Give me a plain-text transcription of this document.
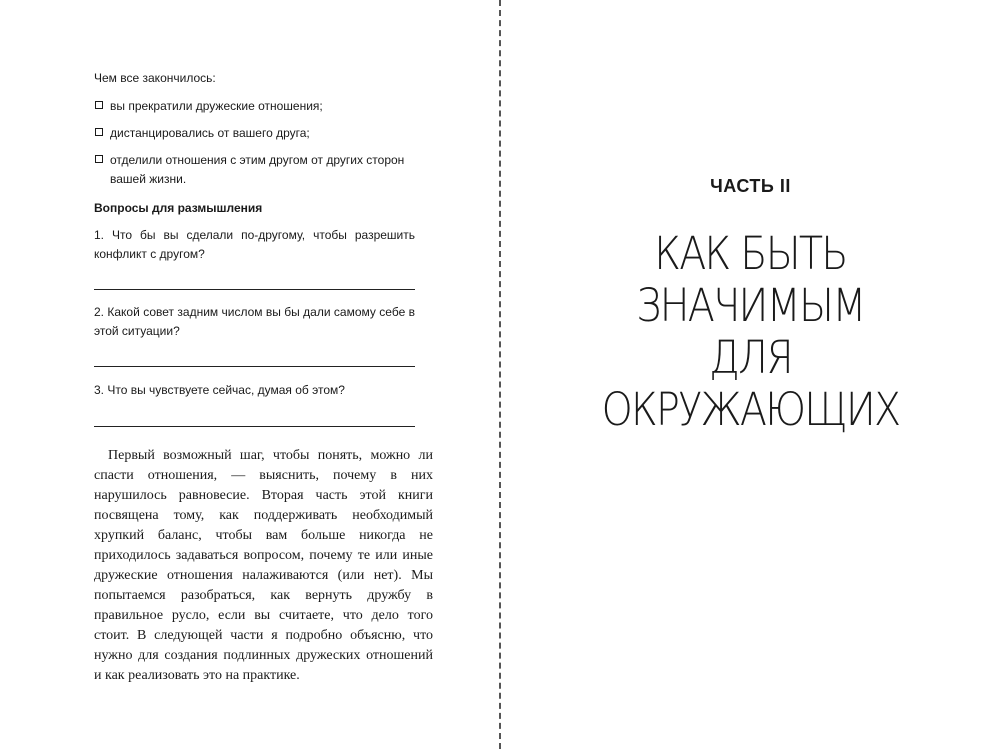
Чем все закончилось:
вы прекратили дружеские отношения;
дистанцировались от вашего друга;
отделили отношения с этим другом от других сторон вашей жизни.
Вопросы для размышления
1. Что бы вы сделали по-другому, чтобы разрешить конфликт с другом?
2. Какой совет задним числом вы бы дали самому себе в этой ситуации?
3. Что вы чувствуете сейчас, думая об этом?

Первый возможный шаг, чтобы понять, можно ли спасти отношения, — выяснить, почему в них нарушилось равновесие. Вторая часть этой книги посвящена тому, как поддерживать необходимый хрупкий баланс, чтобы вам больше никогда не приходилось задаваться вопросом, почему те или иные дружеские отношения налаживаются (или нет). Мы попытаемся разобраться, как вернуть дружбу в правильное русло, если вы считаете, что дело того стоит. В следующей части я подробно объясню, что нужно для создания подлинных дружеских отношений и как реализовать это на практике.

ЧАСТЬ II
КАК БЫТЬ
ЗНАЧИМЫМ
ДЛЯ
ОКРУЖАЮЩИХ
